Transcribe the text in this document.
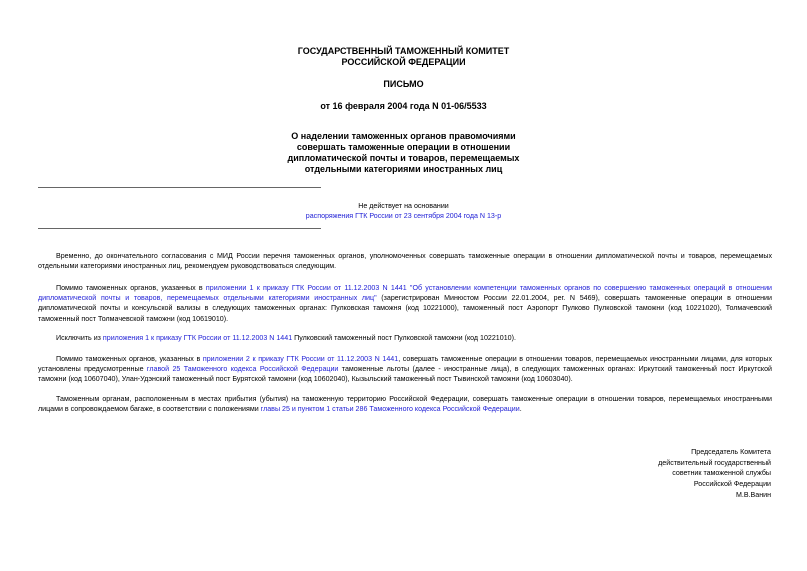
ГОСУДАРСТВЕННЫЙ ТАМОЖЕННЫЙ КОМИТЕТ
РОССИЙСКОЙ ФЕДЕРАЦИИ
ПИСЬМО
от 16 февраля 2004 года N 01-06/5533
О наделении таможенных органов правомочиями
совершать таможенные операции в отношении
дипломатической почты и товаров, перемещаемых
отдельными категориями иностранных лиц
Не действует на основании
распоряжения ГТК России от 23 сентября 2004 года N 13-р

Временно, до окончательного согласования с МИД России перечня таможенных органов, уполномоченных совершать таможенные операции в отношении дипломатической почты и товаров, перемещаемых отдельными категориями иностранных лиц, рекомендуем руководствоваться следующим.

Помимо таможенных органов, указанных в приложении 1 к приказу ГТК России от 11.12.2003 N 1441 "Об установлении компетенции таможенных органов по совершению таможенных операций в отношении дипломатической почты и товаров, перемещаемых отдельными категориями иностранных лиц" (зарегистрирован Минюстом России 22.01.2004, рег. N 5469), совершать таможенные операции в отношении дипломатической почты и консульской вализы в следующих таможенных органах: Пулковская таможня (код 10221000), таможенный пост Аэропорт Пулково Пулковской таможни (код 10221020), Толмачевский таможенный пост Толмачевской таможни (код 10619010).

Исключить из приложения 1 к приказу ГТК России от 11.12.2003 N 1441 Пулковский таможенный пост Пулковской таможни (код 10221010).

Помимо таможенных органов, указанных в приложении 2 к приказу ГТК России от 11.12.2003 N 1441, совершать таможенные операции в отношении товаров, перемещаемых иностранными лицами, для которых установлены предусмотренные главой 25 Таможенного кодекса Российской Федерации таможенные льготы (далее - иностранные лица), в следующих таможенных органах: Иркутский таможенный пост Иркутской таможни (код 10607040), Улан-Удэнский таможенный пост Бурятской таможни (код 10602040), Кызыльский таможенный пост Тывинской таможни (код 10603040).

Таможенным органам, расположенным в местах прибытия (убытия) на таможенную территорию Российской Федерации, совершать таможенные операции в отношении товаров, перемещаемых иностранными лицами в сопровождаемом багаже, в соответствии с положениями главы 25 и пунктом 1 статьи 286 Таможенного кодекса Российской Федерации.

Председатель Комитета
действительный государственный
советник таможенной службы
Российской Федерации
М.В.Ванин
